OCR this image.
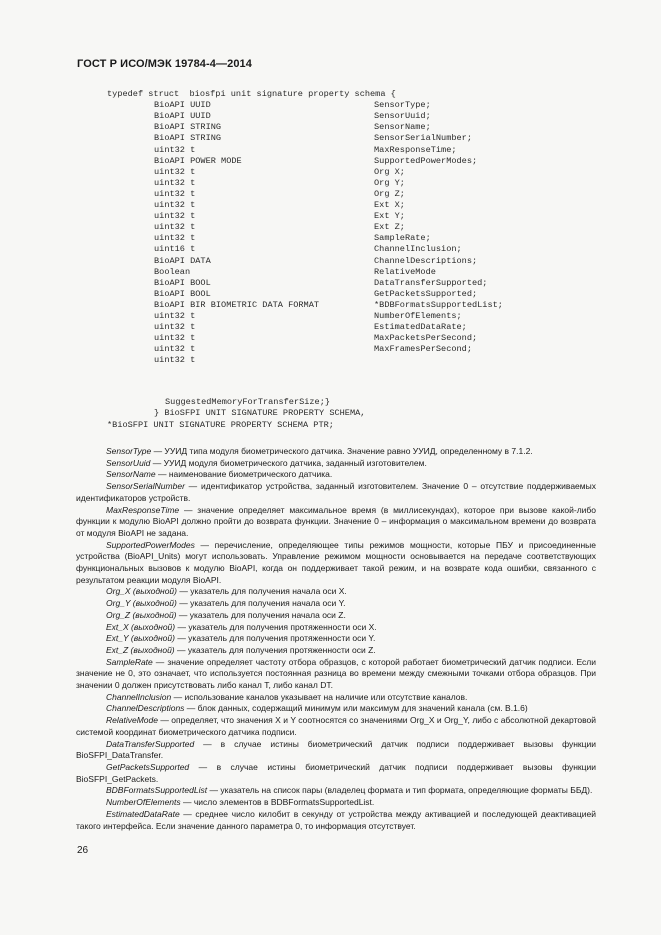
ГОСТ Р ИСО/МЭК 19784-4—2014
typedef struct  biosfpi unit signature property schema {
BioAPI UUID	SensorType;
BioAPI UUID	SensorUuid;
BioAPI STRING	SensorName;
BioAPI STRING	SensorSerialNumber;
uint32 t	MaxResponseTime;
BioAPI POWER MODE	SupportedPowerModes;
uint32 t	Org X;
uint32 t	Org Y;
uint32 t	Org Z;
uint32 t	Ext X;
uint32 t	Ext Y;
uint32 t	Ext Z;
uint32 t	SampleRate;
uint16 t	ChannelInclusion;
BioAPI DATA	ChannelDescriptions;
Boolean	RelativeMode
BioAPI BOOL	DataTransferSupported;
BioAPI BOOL	GetPacketsSupported;
BioAPI BIR BIOMETRIC DATA FORMAT	*BDBFormatsSupportedList;
uint32 t	NumberOfElements;
uint32 t	EstimatedDataRate;
uint32 t	MaxPacketsPerSecond;
uint32 t	MaxFramesPerSecond;
uint32 t
SuggestedMemoryForTransferSize;}
} BioSFPI UNIT SIGNATURE PROPERTY SCHEMA,
*BioSFPI UNIT SIGNATURE PROPERTY SCHEMA PTR;

SensorType — УУИД типа модуля биометрического датчика. Значение равно УУИД, определенному в 7.1.2.

SensorUuid — УУИД модуля биометрического датчика, заданный изготовителем.

SensorName — наименование биометрического датчика.

SensorSerialNumber — идентификатор устройства, заданный изготовителем. Значение 0 – отсутствие поддерживаемых идентификаторов устройств.

MaxResponseTime — значение определяет максимальное время (в миллисекундах), которое при вызове какой-либо функции к модулю BioAPI должно пройти до возврата функции. Значение 0 – информация о максимальном времени до возврата от модуля BioAPI не задана.

SupportedPowerModes — перечисление, определяющее типы режимов мощности, которые ПБУ и присоединенные устройства (BioAPI_Units) могут использовать. Управление режимом мощности основывается на передаче соответствующих функциональных вызовов к модулю BioAPI, когда он поддерживает такой режим, и на возврате кода ошибки, связанного с результатом реакции модуля BioAPI.

Org_X (выходной) — указатель для получения начала оси X.

Org_Y (выходной) — указатель для получения начала оси Y.

Org_Z (выходной) — указатель для получения начала оси Z.

Ext_X (выходной) — указатель для получения протяженности оси X.

Ext_Y (выходной) — указатель для получения протяженности оси Y.

Ext_Z (выходной) — указатель для получения протяженности оси Z.

SampleRate — значение определяет частоту отбора образцов, с которой работает биометрический датчик подписи. Если значение не 0, это означает, что используется постоянная разница во времени между смежными точками отбора образцов. При значении 0 должен присутствовать либо канал T, либо канал DT.

ChannelInclusion — использование каналов указывает на наличие или отсутствие каналов.

ChannelDescriptions — блок данных, содержащий минимум или максимум для значений канала (см. B.1.6)

RelativeMode — определяет, что значения X и Y соотносятся со значениями Org_X и Org_Y, либо с абсолютной декартовой системой координат биометрического датчика подписи.

DataTransferSupported — в случае истины биометрический датчик подписи поддерживает вызовы функции BioSFPI_DataTransfer.

GetPacketsSupported — в случае истины биометрический датчик подписи поддерживает вызовы функции BioSFPI_GetPackets.

BDBFormatsSupportedList — указатель на список пары (владелец формата и тип формата, определяющие форматы ББД).

NumberOfElements — число элементов в BDBFormatsSupportedList.

EstimatedDataRate — среднее число килобит в секунду от устройства между активацией и последующей деактивацией такого интерфейса. Если значение данного параметра 0, то информация отсутствует.

26
